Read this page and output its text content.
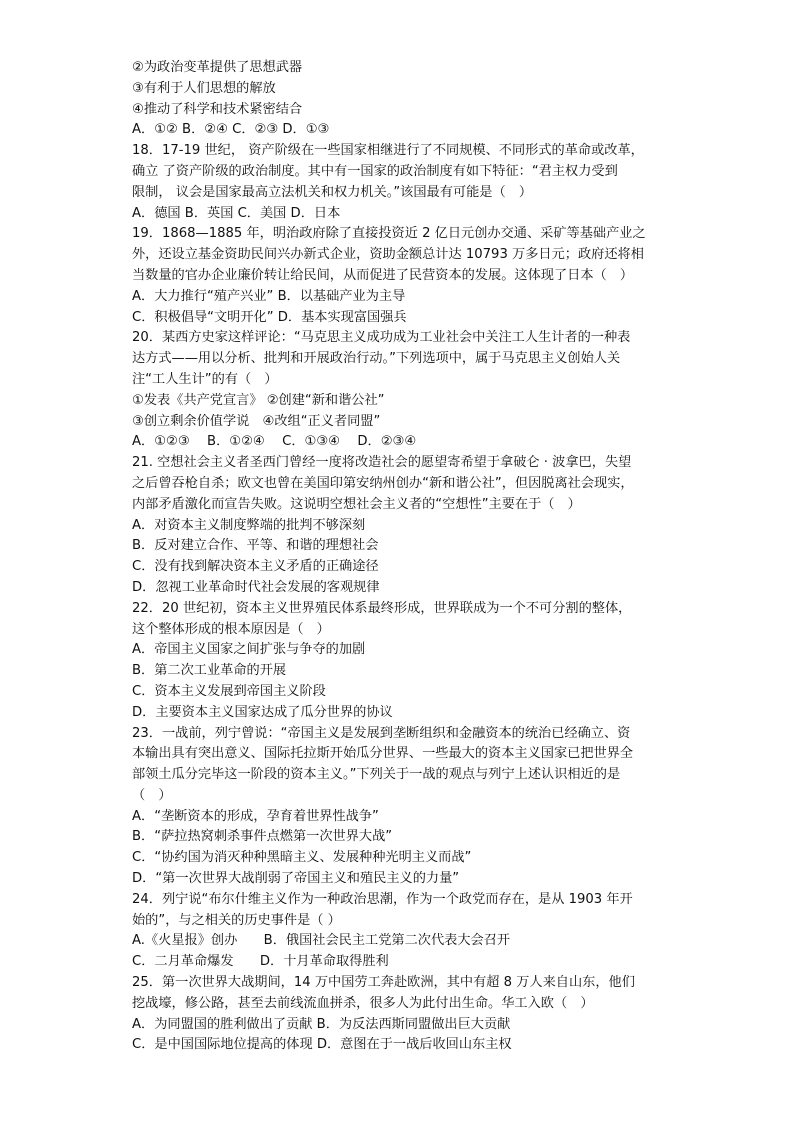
②为政治变革提供了思想武器
③有利于人们思想的解放
④推动了科学和技术紧密结合
A．①② B．②④ C．②③ D．①③
18．17-19 世纪， 资产阶级在一些国家相继进行了不同规模、不同形式的革命或改革，
确立 了资产阶级的政治制度。其中有一国家的政治制度有如下特征：“君主权力受到
限制， 议会是国家最高立法机关和权力机关。”该国最有可能是（　）
A．德国 B．英国 C．美国 D．日本
19．1868—1885 年，明治政府除了直接投资近 2 亿日元创办交通、采矿等基础产业之
外，还设立基金资助民间兴办新式企业，资助金额总计达 10793 万多日元；政府还将相
当数量的官办企业廉价转让给民间，从而促进了民营资本的发展。这体现了日本（　）
A．大力推行“殖产兴业” B．以基础产业为主导
C．积极倡导“文明开化” D．基本实现富国强兵
20．某西方史家这样评论：“马克思主义成功成为工业社会中关注工人生计者的一种表
达方式——用以分析、批判和开展政治行动。”下列选项中，属于马克思主义创始人关
注“工人生计”的有（　）
①发表《共产党宣言》 ②创建“新和谐公社”
③创立剩余价值学说　④改组“正义者同盟”
A．①②③　 B．①②④　 C．①③④　 D．②③④
21. 空想社会主义者圣西门曾经一度将改造社会的愿望寄希望于拿破仑 · 波拿巴，失望
之后曾吞枪自杀；欧文也曾在美国印第安纳州创办“新和谐公社”，但因脱离社会现实，
内部矛盾激化而宣告失败。这说明空想社会主义者的“空想性”主要在于（　）
A．对资本主义制度弊端的批判不够深刻
B．反对建立合作、平等、和谐的理想社会
C．没有找到解决资本主义矛盾的正确途径
D．忽视工业革命时代社会发展的客观规律
22．20 世纪初，资本主义世界殖民体系最终形成，世界联成为一个不可分割的整体，
这个整体形成的根本原因是（　）
A．帝国主义国家之间扩张与争夺的加剧
B．第二次工业革命的开展
C．资本主义发展到帝国主义阶段
D．主要资本主义国家达成了瓜分世界的协议
23．一战前，列宁曾说：“帝国主义是发展到垄断组织和金融资本的统治已经确立、资
本输出具有突出意义、国际托拉斯开始瓜分世界、一些最大的资本主义国家已把世界全
部领土瓜分完毕这一阶段的资本主义。”下列关于一战的观点与列宁上述认识相近的是
（　）
A．“垄断资本的形成，孕育着世界性战争”
B．“萨拉热窝刺杀事件点燃第一次世界大战”
C．“协约国为消灭种种黑暗主义、发展种种光明主义而战”
D．“第一次世界大战削弱了帝国主义和殖民主义的力量”
24．列宁说“布尔什维主义作为一种政治思潮，作为一个政党而存在，是从 1903 年开
始的”，与之相关的历史事件是（ ）
A.《火星报》创办　　B．俄国社会民主工党第二次代表大会召开
C．二月革命爆发　　D．十月革命取得胜利
25．第一次世界大战期间，14 万中国劳工奔赴欧洲，其中有超 8 万人来自山东，他们
挖战壕，修公路，甚至去前线流血拼杀，很多人为此付出生命。华工入欧（　）
A．为同盟国的胜利做出了贡献 B．为反法西斯同盟做出巨大贡献
C．是中国国际地位提高的体现 D．意图在于一战后收回山东主权
